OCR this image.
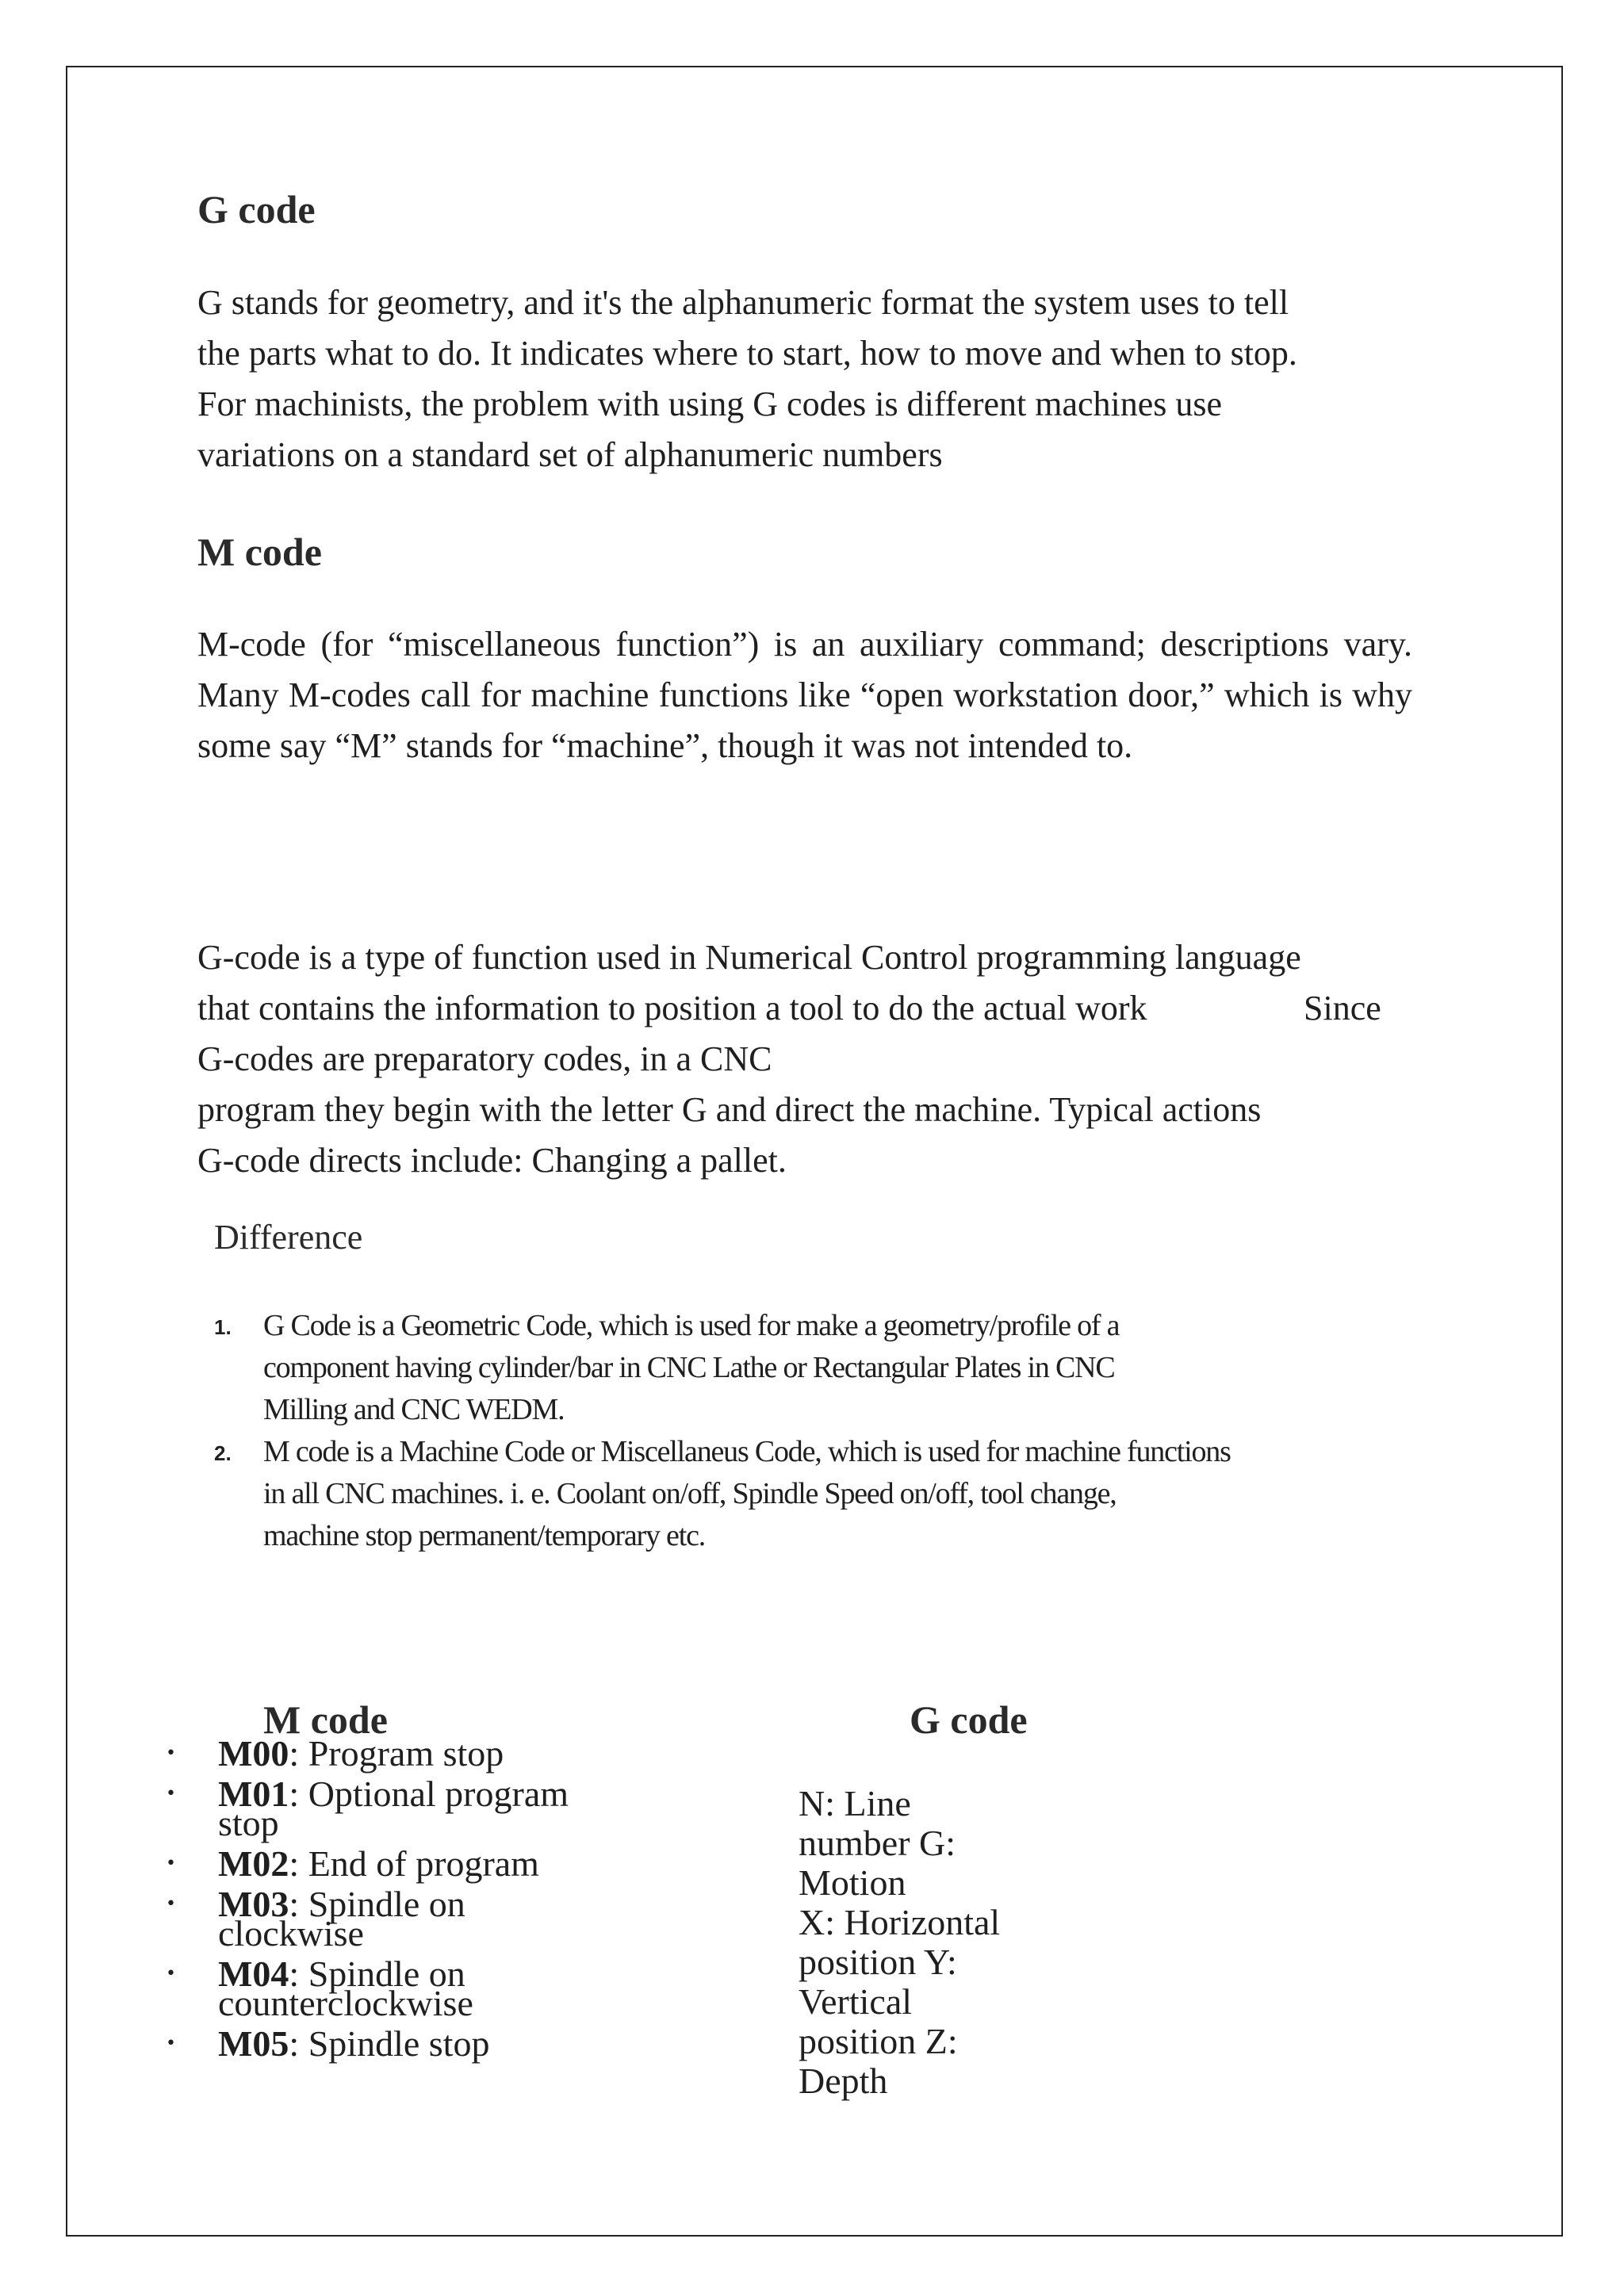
G code
G stands for geometry, and it's the alphanumeric format the system uses to tell
the parts what to do. It indicates where to start, how to move and when to stop.
For machinists, the problem with using G codes is different machines use
variations on a standard set of alphanumeric numbers
M code

M-code (for “miscellaneous function”) is an auxiliary command; descriptions vary. Many M-codes call for machine functions like “open workstation door,” which is why some say “M” stands for “machine”, though it was not intended to.

G-code is a type of function used in Numerical Control programming language
that contains the information to position a tool to do the actual work	Since
G-codes are preparatory codes, in a CNC
program they begin with the letter G and direct the machine. Typical actions
G-code directs include: Changing a pallet.
Difference
1. G Code is a Geometric Code, which is used for make a geometry/profile of a
component having cylinder/bar in CNC Lathe or Rectangular Plates in CNC
Milling and CNC WEDM.
2. M code is a Machine Code or Miscellaneus Code, which is used for machine functions
in all CNC machines. i. e. Coolant on/off, Spindle Speed on/off, tool change,
machine stop permanent/temporary etc.
M code
• M00: Program stop
• M01: Optional program
stop
• M02: End of program
• M03: Spindle on
clockwise
• M04: Spindle on
counterclockwise
• M05: Spindle stop
G code
N: Line
number G:
Motion
X: Horizontal
position Y:
Vertical
position Z:
Depth
